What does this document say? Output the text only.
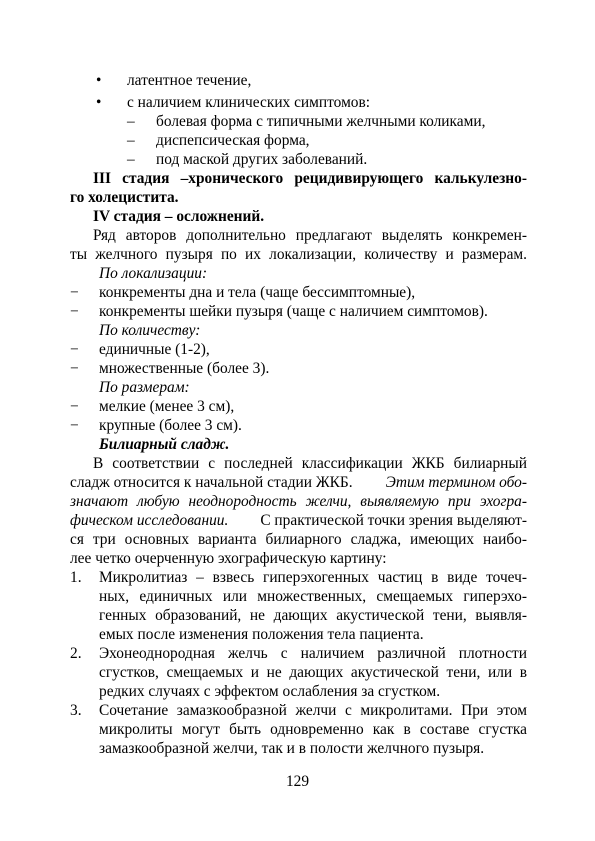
• латентное течение,
• с наличием клинических симптомов:
– болевая форма с типичными желчными коликами,
– диспепсическая форма,
– под маской других заболеваний.
III стадия –хронического рецидивирующего калькулезно-
го холецистита.
IV стадия – осложнений.
Ряд авторов дополнительно предлагают выделять конкремен-
ты желчного пузыря по их локализации, количеству и размерам.
По локализации:
− конкременты дна и тела (чаще бессимптомные),
− конкременты шейки пузыря (чаще с наличием симптомов).
По количеству:
− единичные (1-2),
− множественные (более 3).
По размерам:
− мелкие (менее 3 см),
− крупные (более 3 см).
Билиарный сладж.
В соответствии с последней классификации ЖКБ билиарный
сладж относится к начальной стадии ЖКБ. Этим термином обо-
значают любую неоднородность желчи, выявляемую при эхогра-
фическом исследовании. С практической точки зрения выделяют-
ся три основных варианта билиарного сладжа, имеющих наибо-
лее четко очерченную эхографическую картину:
1. Микролитиаз – взвесь гиперэхогенных частиц в виде точеч-
ных, единичных или множественных, смещаемых гиперэхо-
генных образований, не дающих акустической тени, выявля-
емых после изменения положения тела пациента.
2. Эхонеоднородная желчь с наличием различной плотности
сгустков, смещаемых и не дающих акустической тени, или в
редких случаях с эффектом ослабления за сгустком.
3. Сочетание замазкообразной желчи с микролитами. При этом
микролиты могут быть одновременно как в составе сгустка
замазкообразной желчи, так и в полости желчного пузыря.
129
